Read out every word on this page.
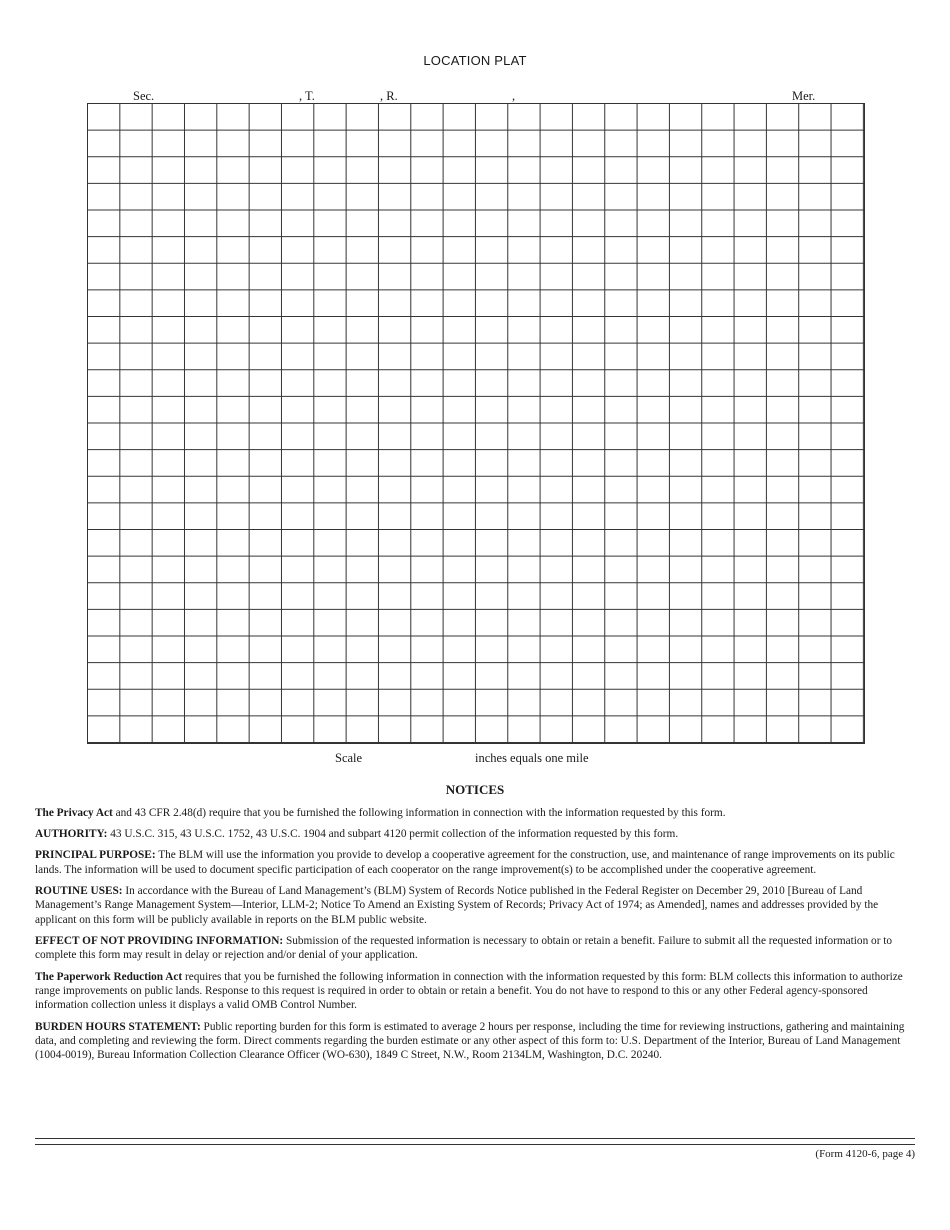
LOCATION PLAT
Sec.	, T.	, R.	,	Mer.
Scale	inches equals one mile
NOTICES

The Privacy Act and 43 CFR 2.48(d) require that you be furnished the following information in connection with the information requested by this form.

AUTHORITY: 43 U.S.C. 315, 43 U.S.C. 1752, 43 U.S.C. 1904 and subpart 4120 permit collection of the information requested by this form.

PRINCIPAL PURPOSE: The BLM will use the information you provide to develop a cooperative agreement for the construction, use, and maintenance of range improvements on its public lands. The information will be used to document specific participation of each cooperator on the range improvement(s) to be accomplished under the cooperative agreement.

ROUTINE USES: In accordance with the Bureau of Land Management’s (BLM) System of Records Notice published in the Federal Register on December 29, 2010 [Bureau of Land Management’s Range Management System—Interior, LLM-2; Notice To Amend an Existing System of Records; Privacy Act of 1974; as Amended], names and addresses provided by the applicant on this form will be publicly available in reports on the BLM public website.

EFFECT OF NOT PROVIDING INFORMATION: Submission of the requested information is necessary to obtain or retain a benefit. Failure to submit all the requested information or to complete this form may result in delay or rejection and/or denial of your application.

The Paperwork Reduction Act requires that you be furnished the following information in connection with the information requested by this form: BLM collects this information to authorize range improvements on public lands. Response to this request is required in order to obtain or retain a benefit. You do not have to respond to this or any other Federal agency-sponsored information collection unless it displays a valid OMB Control Number.

BURDEN HOURS STATEMENT: Public reporting burden for this form is estimated to average 2 hours per response, including the time for reviewing instructions, gathering and maintaining data, and completing and reviewing the form. Direct comments regarding the burden estimate or any other aspect of this form to: U.S. Department of the Interior, Bureau of Land Management (1004-0019), Bureau Information Collection Clearance Officer (WO-630), 1849 C Street, N.W., Room 2134LM, Washington, D.C. 20240.

(Form 4120-6, page 4)
